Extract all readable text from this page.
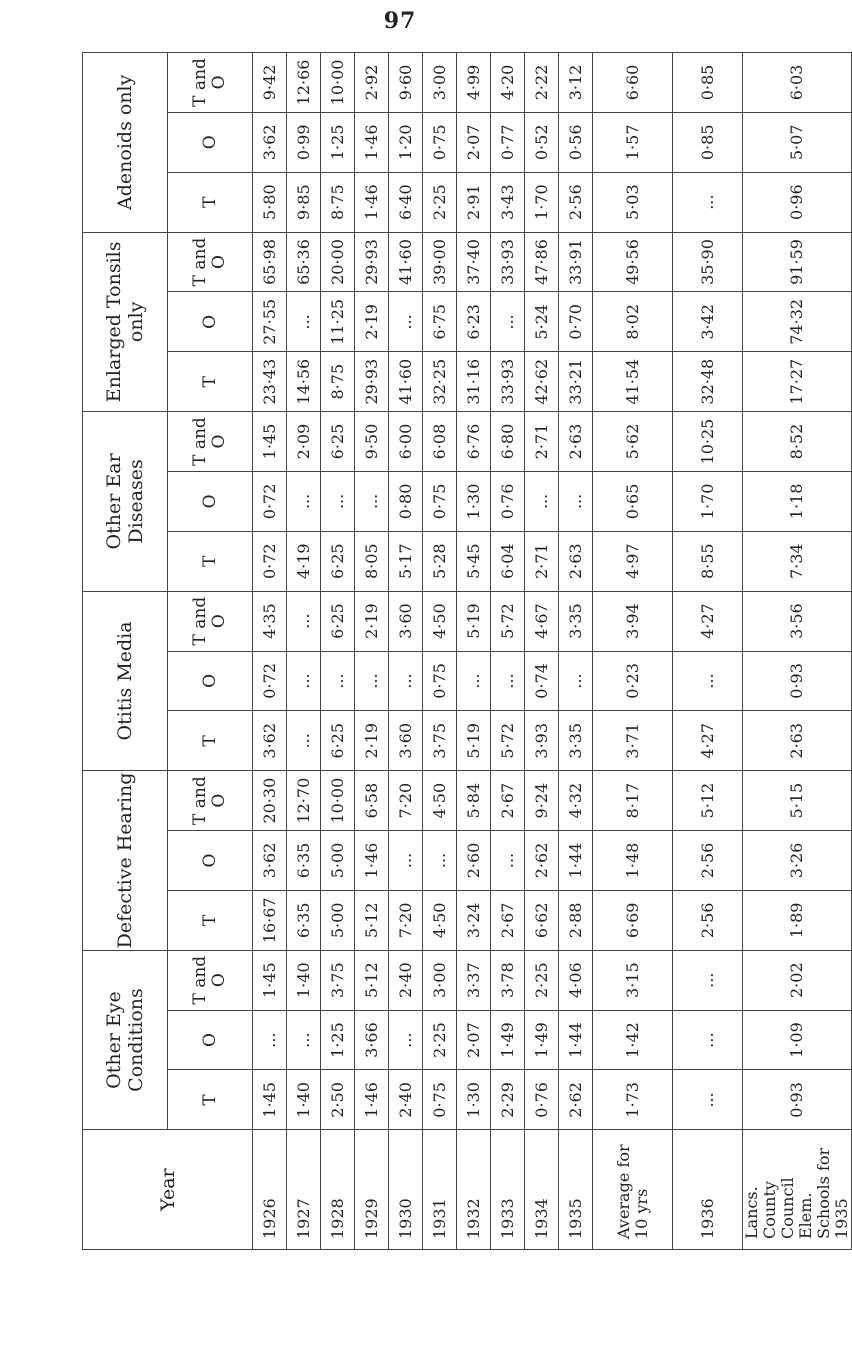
97
Year	Other Eye Conditions			Defective Hearing			Otitis Media			Other Ear Diseases			Enlarged Tonsils only			Adenoids only		
	T	O	T and O	T	O	T and O	T	O	T and O	T	O	T and O	T	O	T and O	T	O	T and O
1926	1·45	...	1·45	16·67	3·62	20·30	3·62	0·72	4·35	0·72	0·72	1·45	23·43	27·55	65·98	5·80	3·62	9·42
1927	1·40	...	1·40	6·35	6·35	12·70	...	...	...	4·19	...	2·09	14·56	...	65·36	9·85	0·99	12·66
1928	2·50	1·25	3·75	5·00	5·00	10·00	6·25	...	6·25	6·25	...	6·25	8·75	11·25	20·00	8·75	1·25	10·00
1929	1·46	3·66	5·12	5·12	1·46	6·58	2·19	...	2·19	8·05	...	9·50	29·93	2·19	29·93	1·46	1·46	2·92
1930	2·40	...	2·40	7·20	...	7·20	3·60	...	3·60	5·17	0·80	6·00	41·60	...	41·60	6·40	1·20	9·60
1931	0·75	2·25	3·00	4·50	...	4·50	3·75	0·75	4·50	5·28	0·75	6·08	32·25	6·75	39·00	2·25	0·75	3·00
1932	1·30	2·07	3·37	3·24	2·60	5·84	5·19	...	5·19	5·45	1·30	6·76	31·16	6·23	37·40	2·91	2·07	4·99
1933	2·29	1·49	3·78	2·67	...	2·67	5·72	...	5·72	6·04	0·76	6·80	33·93	...	33·93	3·43	0·77	4·20
1934	0·76	1·49	2·25	6·62	2·62	9·24	3·93	0·74	4·67	2·71	...	2·71	42·62	5·24	47·86	1·70	0·52	2·22
1935	2·62	1·44	4·06	2·88	1·44	4·32	3·35	...	3·35	2·63	...	2·63	33·21	0·70	33·91	2·56	0·56	3·12
Average for 10 yrs	1·73	1·42	3·15	6·69	1·48	8·17	3·71	0·23	3·94	4·97	0·65	5·62	41·54	8·02	49·56	5·03	1·57	6·60
1936	...	...	...	2·56	2·56	5·12	4·27	...	4·27	8·55	1·70	10·25	32·48	3·42	35·90	...	0·85	0·85
Lancs. County Council Elem. Schools for 1935	0·93	1·09	2·02	1·89	3·26	5·15	2·63	0·93	3·56	7·34	1·18	8·52	17·27	74·32	91·59	0·96	5·07	6·03
